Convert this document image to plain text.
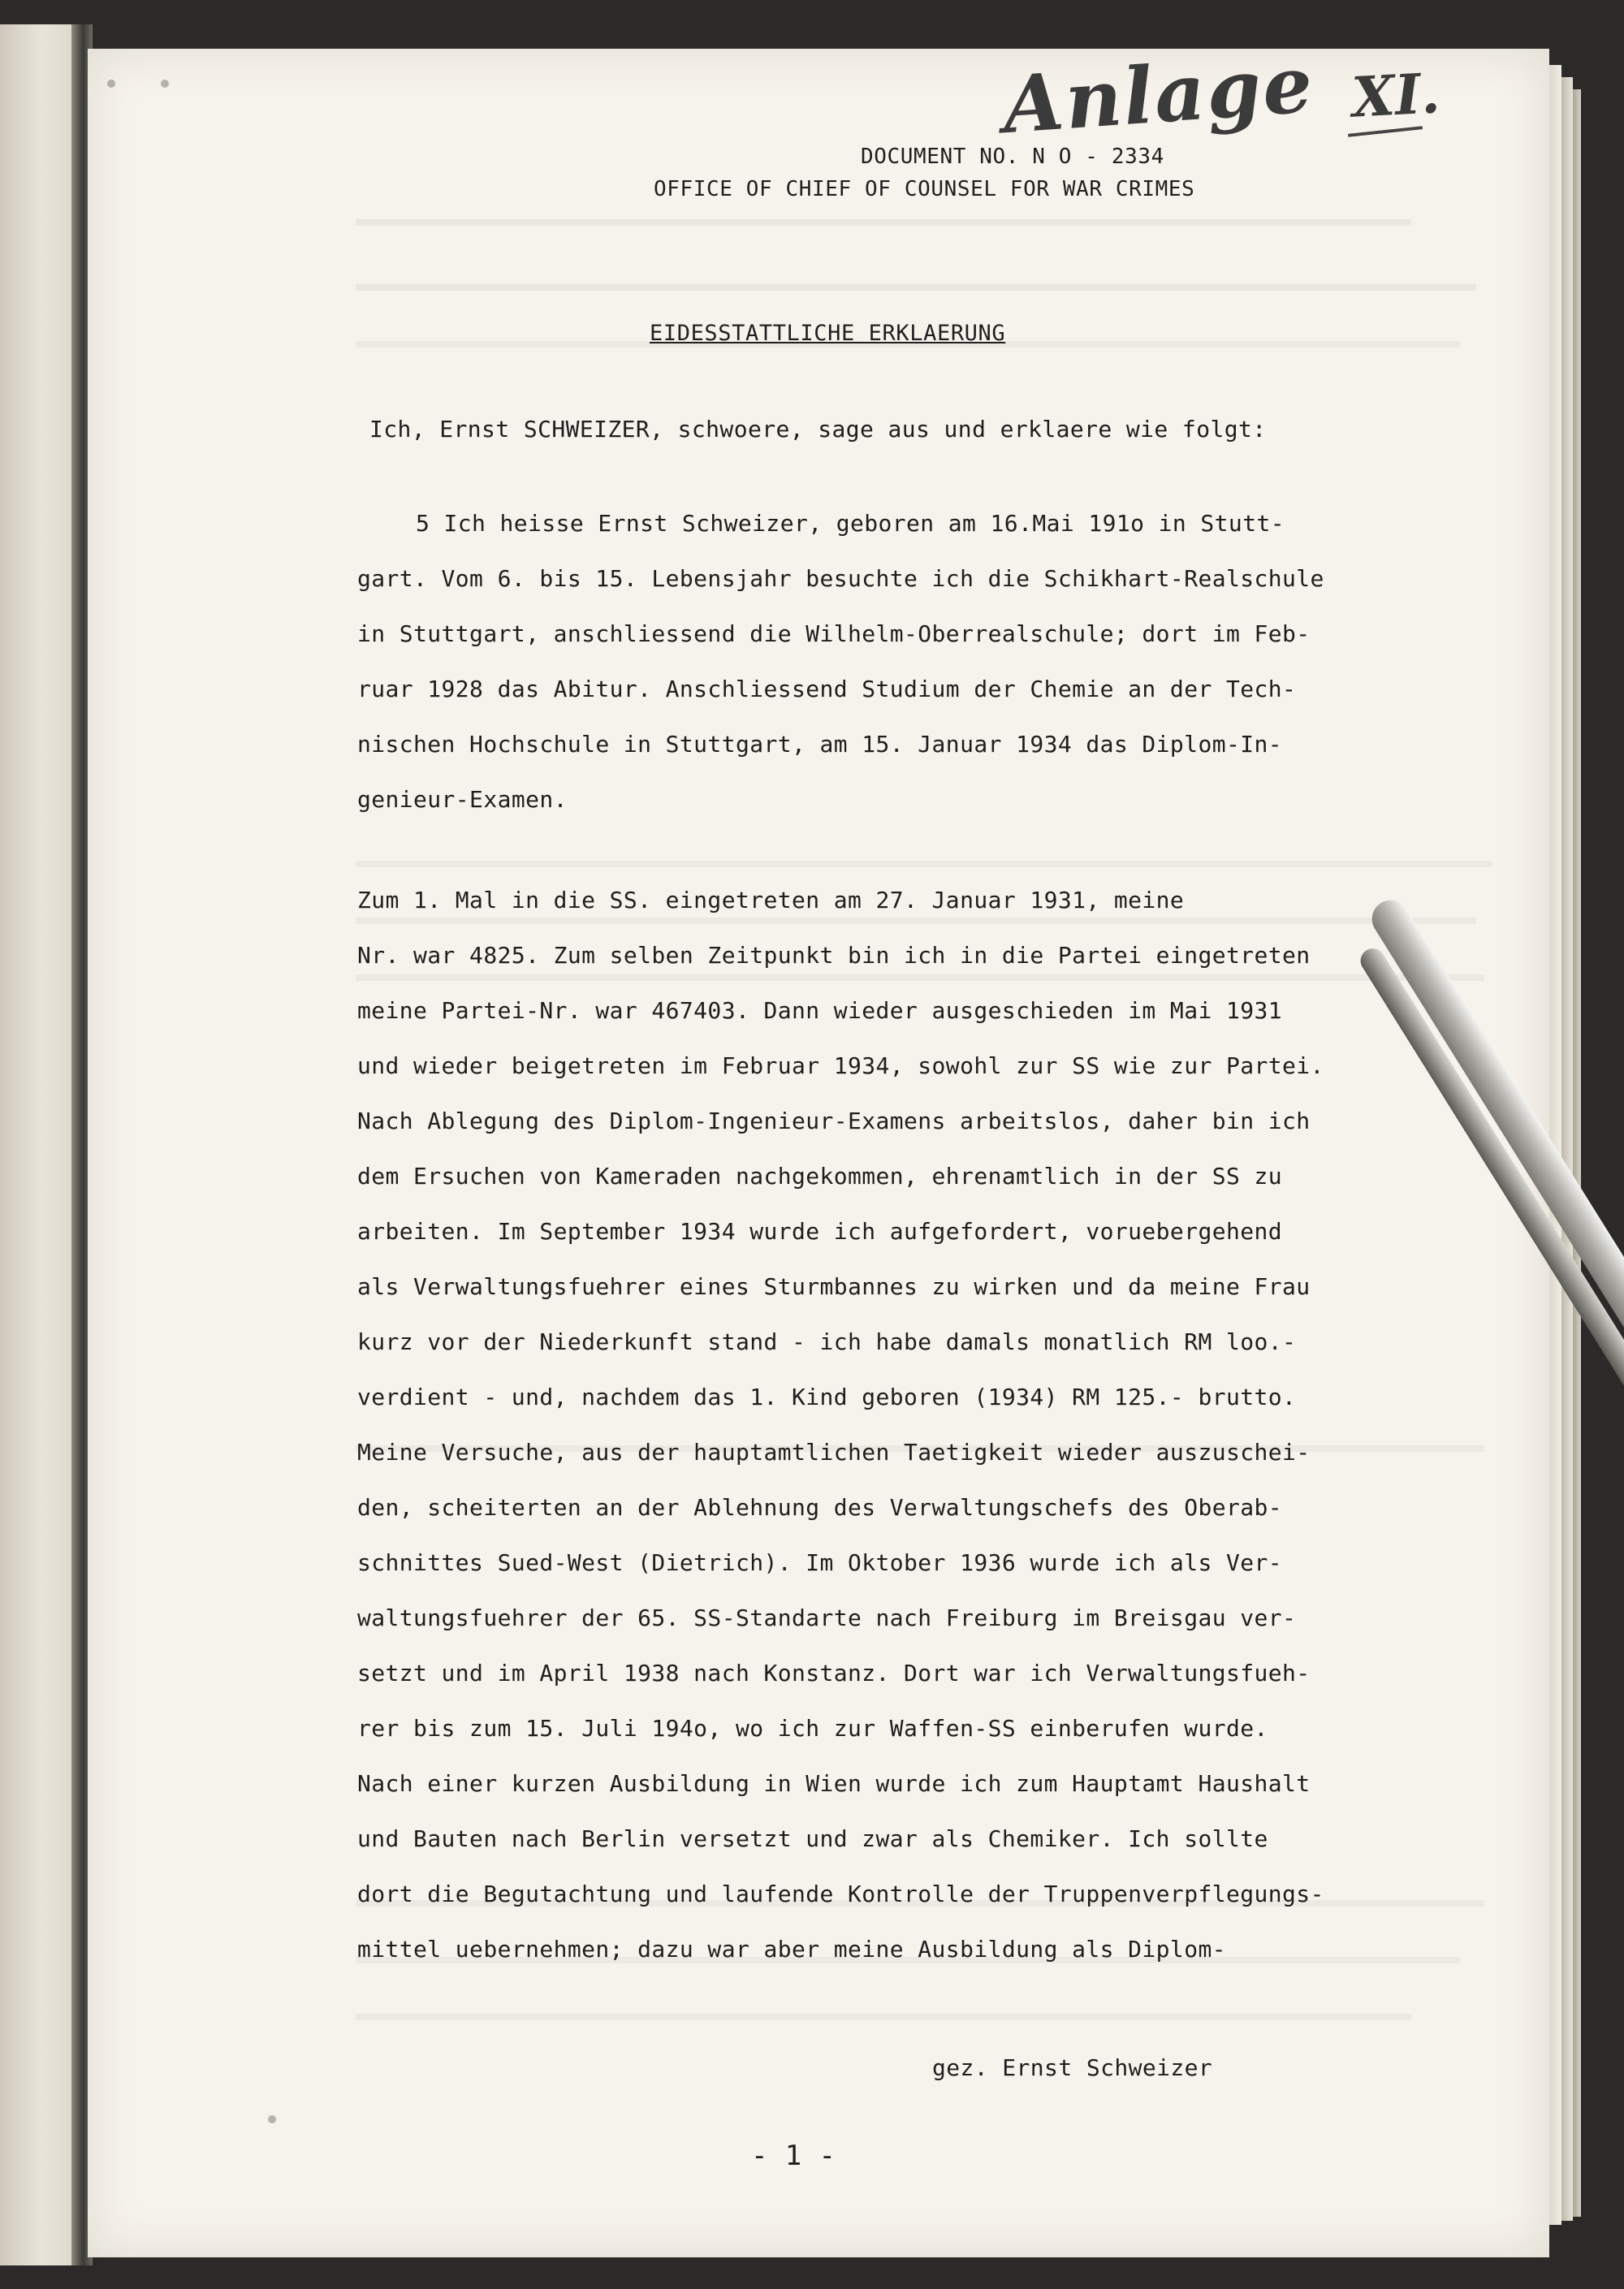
Anlage XI.
DOCUMENT NO. N O - 2334
OFFICE OF CHIEF OF COUNSEL FOR WAR CRIMES
EIDESSTATTLICHE ERKLAERUNG
Ich, Ernst SCHWEIZER, schwoere, sage aus und erklaere wie folgt:
5 Ich heisse Ernst Schweizer, geboren am 16.Mai 191o in Stutt-
gart. Vom 6. bis 15. Lebensjahr besuchte ich die Schikhart-Realschule
in Stuttgart, anschliessend die Wilhelm-Oberrealschule; dort im Feb-
ruar 1928 das Abitur. Anschliessend Studium der Chemie an der Tech-
nischen Hochschule in Stuttgart, am 15. Januar 1934 das Diplom-In-
genieur-Examen.
Zum 1. Mal in die SS. eingetreten am 27. Januar 1931, meine
Nr. war 4825. Zum selben Zeitpunkt bin ich in die Partei eingetreten
meine Partei-Nr. war 467403. Dann wieder ausgeschieden im Mai 1931
und wieder beigetreten im Februar 1934, sowohl zur SS wie zur Partei.
Nach Ablegung des Diplom-Ingenieur-Examens arbeitslos, daher bin ich
dem Ersuchen von Kameraden nachgekommen, ehrenamtlich in der SS zu
arbeiten. Im September 1934 wurde ich aufgefordert, voruebergehend
als Verwaltungsfuehrer eines Sturmbannes zu wirken und da meine Frau
kurz vor der Niederkunft stand - ich habe damals monatlich RM loo.-
verdient - und, nachdem das 1. Kind geboren (1934) RM 125.- brutto.
Meine Versuche, aus der hauptamtlichen Taetigkeit wieder auszuschei-
den, scheiterten an der Ablehnung des Verwaltungschefs des Oberab-
schnittes Sued-West (Dietrich). Im Oktober 1936 wurde ich als Ver-
waltungsfuehrer der 65. SS-Standarte nach Freiburg im Breisgau ver-
setzt und im April 1938 nach Konstanz. Dort war ich Verwaltungsfueh-
rer bis zum 15. Juli 194o, wo ich zur Waffen-SS einberufen wurde.
Nach einer kurzen Ausbildung in Wien wurde ich zum Hauptamt Haushalt
und Bauten nach Berlin versetzt und zwar als Chemiker. Ich sollte
dort die Begutachtung und laufende Kontrolle der Truppenverpflegungs-
mittel uebernehmen; dazu war aber meine Ausbildung als Diplom-
gez. Ernst Schweizer
- 1 -
